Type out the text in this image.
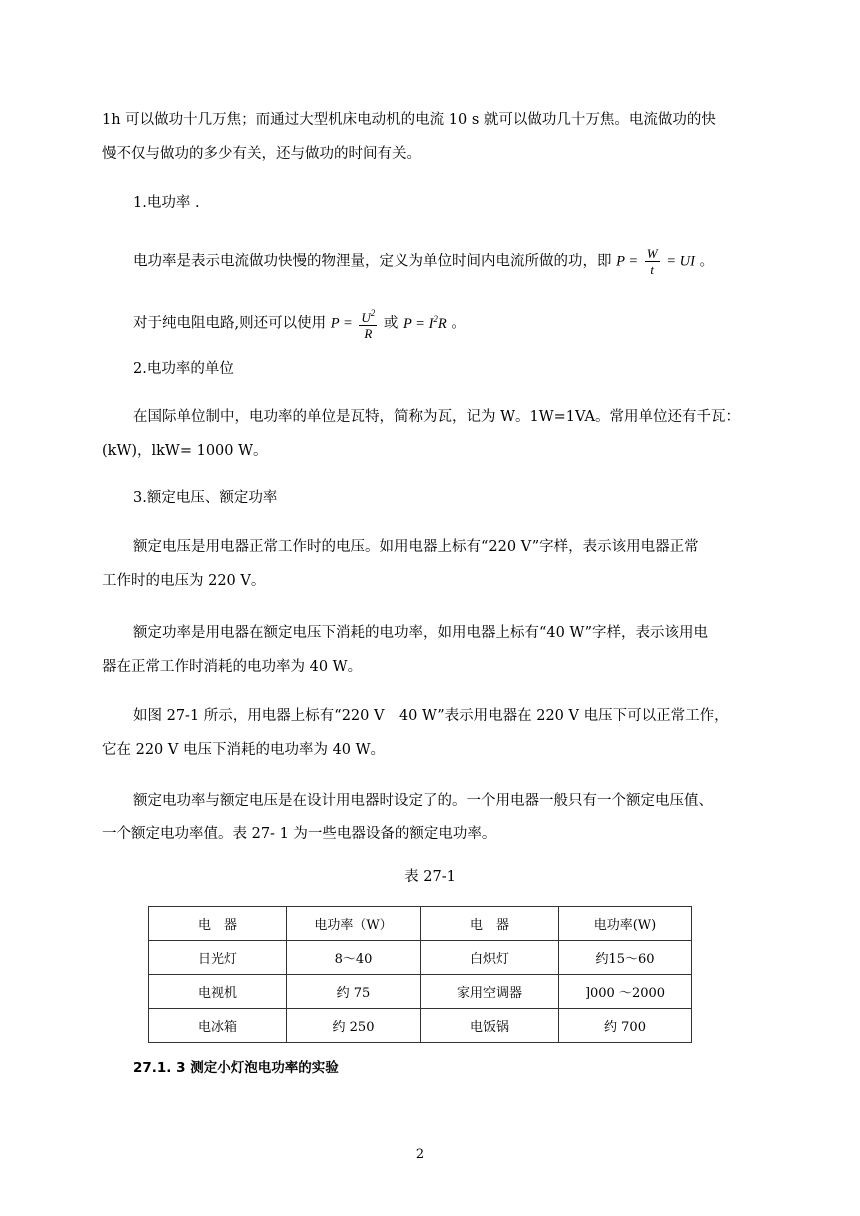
1h 可以做功十几万焦；而通过大型机床电动机的电流 10 s 就可以做功几十万焦。电流做功的快
慢不仅与做功的多少有关，还与做功的时间有关。
1.电功率 .
电功率是表示电流做功快慢的物浬量，定义为单位时间内电流所做的功，即 $P = \frac{W}{t}$ = UI 。
对于纯电阻电路,则还可以使用 $P = \frac{U^2}{R}$ 或 $P = I^2R$ 。
2.电功率的单位
在国际单位制中，电功率的单位是瓦特，简称为瓦，记为 W。1W=1VA。常用单位还有千瓦：
(kW)，lkW= 1000 W。
3.额定电压、额定功率
额定电压是用电器正常工作时的电压。如用电器上标有“220 V”字样，表示该用电器正常
工作时的电压为 220 V。
额定功率是用电器在额定电压下消耗的电功率，如用电器上标有“40 W”字样，表示该用电
器在正常工作时消耗的电功率为 40 W。
如图 27-1 所示，用电器上标有“220 V　40 W”表示用电器在 220 V 电压下可以正常工作，
它在 220 V 电压下消耗的电功率为 40 W。
额定电功率与额定电压是在设计用电器时设定了的。一个用电器一般只有一个额定电压值、
一个额定电功率值。表 27- 1 为一些电器设备的额定电功率。
表 27-1
电　器	电功率（W）	电　器	电功率(W)
日光灯	8～40	白炽灯	约15～60
电视机	约 75	家用空调器	]000 ～2000
电冰箱	约 250	电饭锅	约 700
27.1. 3 测定小灯泡电功率的实验
2
